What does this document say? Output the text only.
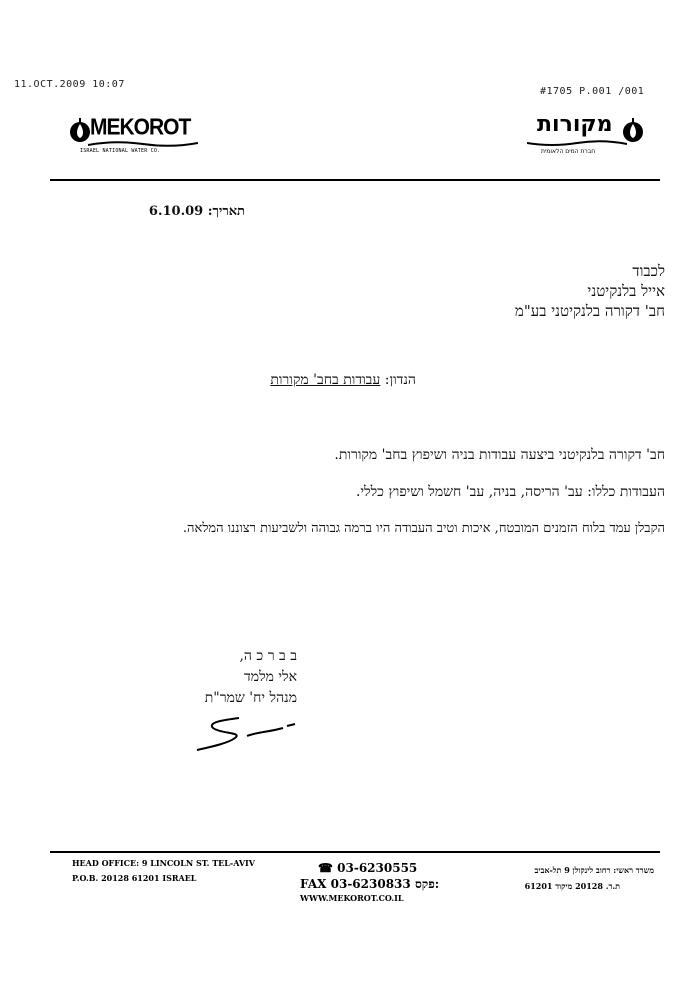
11.OCT.2009 10:07
#1705 P.001 /001
MEKOROT
ISRAEL NATIONAL WATER CO.
מקורות
חברת המים הלאומית
תאריך: 6.10.09
לכבוד
אייל בלנקיטני
חב' דקורה בלנקיטני בע"מ
הנדון: עבודות בחב' מקורות
חב' דקורה בלנקיטני ביצעה עבודות בניה ושיפוץ בחב' מקורות.
העבודות כללו: עב' הריסה, בניה, עב' חשמל ושיפוץ כללי.
הקבלן עמד בלוח הזמנים המובטח, איכות וטיב העבודה היו ברמה גבוהה ולשביעות רצוננו המלאה.
ב ב ר כ ה,
אלי מלמד
מנהל יח' שמר"ת
HEAD OFFICE: 9 LINCOLN ST. TEL-AVIV
P.O.B. 20128 61201 ISRAEL
☎ 03-6230555
FAX 03-6230833 פקס:
WWW.MEKOROT.CO.IL
משרד ראשי: רחוב לינקולן 9 תל-אביב
ת.ד. 20128 מיקוד 61201
